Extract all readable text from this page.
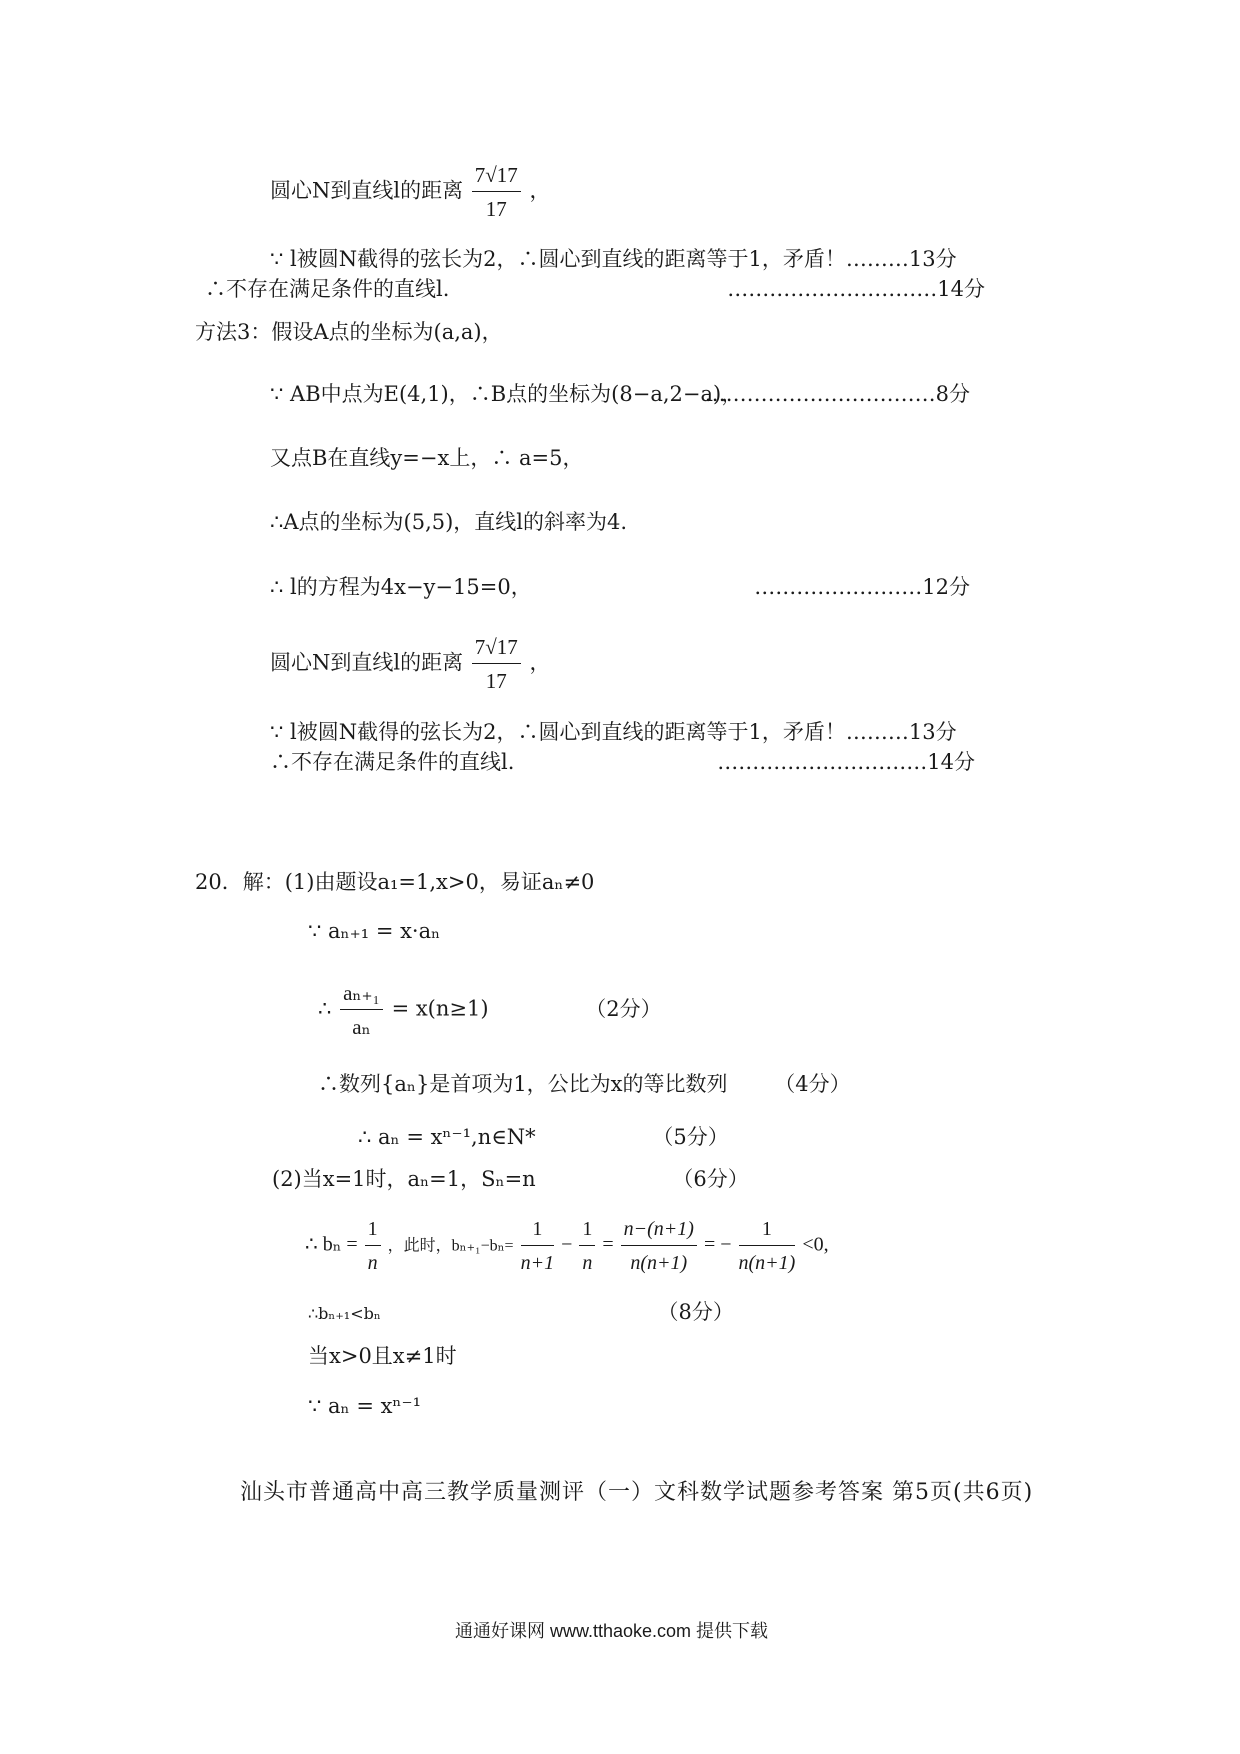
圆心N到直线l的距离 $\frac{7√17}{17}$ ，
∵ l被圆N截得的弦长为2，∴圆心到直线的距离等于1，矛盾！………13分
∴不存在满足条件的直线l.	…………………………14分
方法3：假设A点的坐标为(a,a)，
∵ AB中点为E(4,1)，∴B点的坐标为(8−a,2−a)，
……………………………8分
又点B在直线y=−x上，∴ a=5，
∴A点的坐标为(5,5)，直线l的斜率为4.
∴ l的方程为4x−y−15=0，	……………………12分
圆心N到直线l的距离 $\frac{7√17}{17}$ ，
∵ l被圆N截得的弦长为2，∴圆心到直线的距离等于1，矛盾！………13分
∴不存在满足条件的直线l.	…………………………14分
20．解：(1)由题设a₁=1,x>0，易证aₙ≠0
∵ aₙ₊₁ = x·aₙ
∴ $\frac{\text{aₙ₊₁}}{\text{aₙ}} = x(n\ge 1)$	（2分）
∴数列{aₙ}是首项为1，公比为x的等比数列 （4分）
∴ aₙ = xⁿ⁻¹,n∈N*	（5分）
(2)当x=1时，aₙ=1，Sₙ=n	（6分）
∴ $b_n = \frac{1}{n}$ ，此时，$b_{n+1}-b_n= \frac{1}{n+1} - \frac{1}{n} = \frac{n-(n+1)}{n(n+1)}$ = − $\frac{1}{n(n+1)} <0$,
∴bₙ₊₁<bₙ	（8分）
当x>0且x≠1时
∵ aₙ = xⁿ⁻¹
汕头市普通高中高三教学质量测评（一）文科数学试题参考答案 第5页(共6页)
通通好课网 www.tthaoke.com 提供下载
